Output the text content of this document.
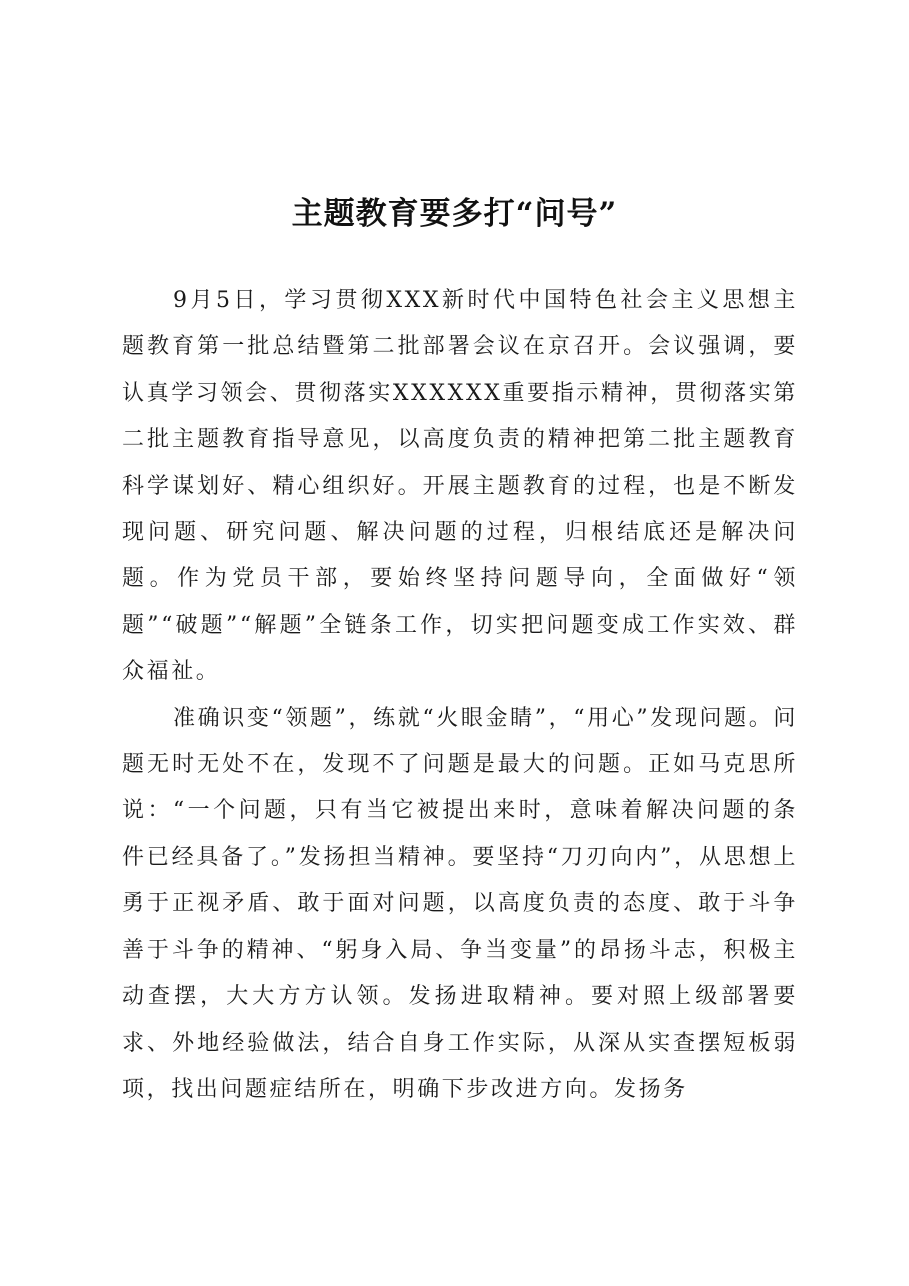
主题教育要多打“问号”

9月5日，学习贯彻XXX新时代中国特色社会主义思想主题教育第一批总结暨第二批部署会议在京召开。会议强调，要认真学习领会、贯彻落实XXXXXX重要指示精神，贯彻落实第二批主题教育指导意见，以高度负责的精神把第二批主题教育科学谋划好、精心组织好。开展主题教育的过程，也是不断发现问题、研究问题、解决问题的过程，归根结底还是解决问题。作为党员干部，要始终坚持问题导向，全面做好“领题”“破题”“解题”全链条工作，切实把问题变成工作实效、群众福祉。

准确识变“领题”，练就“火眼金睛”，“用心”发现问题。问题无时无处不在，发现不了问题是最大的问题。正如马克思所说：“一个问题，只有当它被提出来时，意味着解决问题的条件已经具备了。”发扬担当精神。要坚持“刀刃向内”，从思想上勇于正视矛盾、敢于面对问题，以高度负责的态度、敢于斗争善于斗争的精神、“躬身入局、争当变量”的昂扬斗志，积极主动查摆，大大方方认领。发扬进取精神。要对照上级部署要求、外地经验做法，结合自身工作实际，从深从实查摆短板弱项，找出问题症结所在，明确下步改进方向。发扬务
